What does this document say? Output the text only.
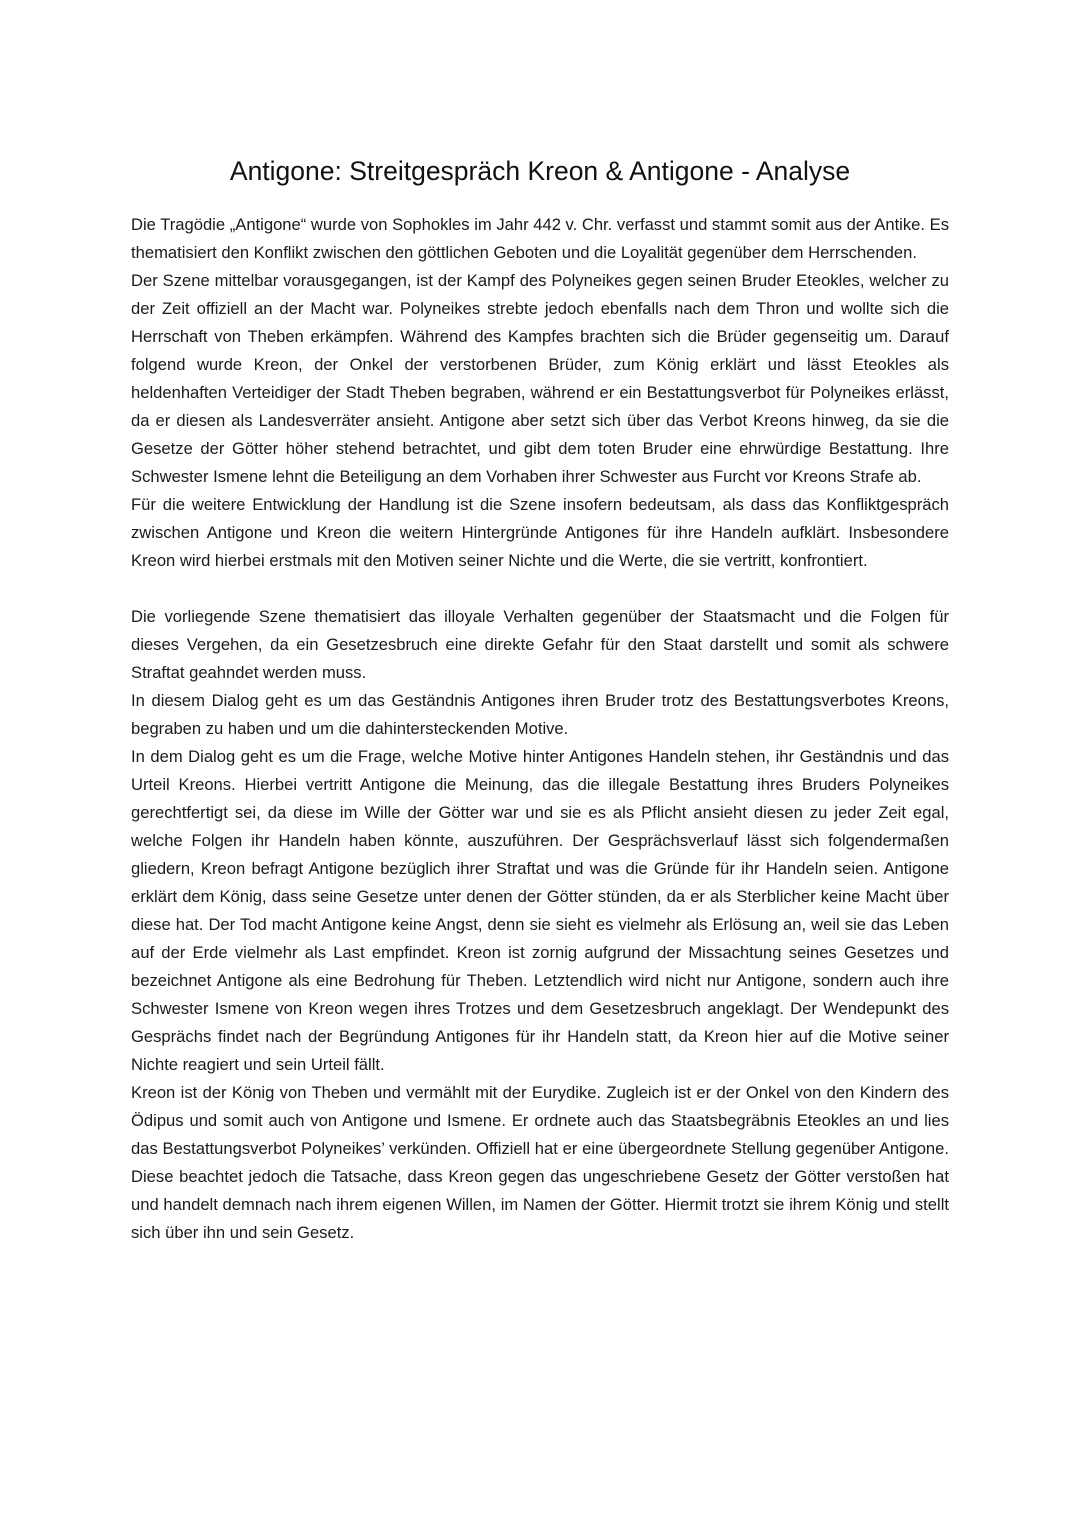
Antigone: Streitgespräch Kreon & Antigone - Analyse

Die Tragödie „Antigone“ wurde von Sophokles im Jahr 442 v. Chr. verfasst und stammt somit aus der Antike. Es thematisiert den Konflikt zwischen den göttlichen Geboten und die Loyalität gegenüber dem Herrschenden.

Der Szene mittelbar vorausgegangen, ist der Kampf des Polyneikes gegen seinen Bruder Eteokles, welcher zu der Zeit offiziell an der Macht war. Polyneikes strebte jedoch ebenfalls nach dem Thron und wollte sich die Herrschaft von Theben erkämpfen. Während des Kampfes brachten sich die Brüder gegenseitig um. Darauf folgend wurde Kreon, der Onkel der verstorbenen Brüder, zum König erklärt und lässt Eteokles als heldenhaften Verteidiger der Stadt Theben begraben, während er ein Bestattungsverbot für Polyneikes erlässt, da er diesen als Landesverräter ansieht. Antigone aber setzt sich über das Verbot Kreons hinweg, da sie die Gesetze der Götter höher stehend betrachtet, und gibt dem toten Bruder eine ehrwürdige Bestattung. Ihre Schwester Ismene lehnt die Beteiligung an dem Vorhaben ihrer Schwester aus Furcht vor Kreons Strafe ab.

Für die weitere Entwicklung der Handlung ist die Szene insofern bedeutsam, als dass das Konfliktgespräch zwischen Antigone und Kreon die weitern Hintergründe Antigones für ihre Handeln aufklärt. Insbesondere Kreon wird hierbei erstmals mit den Motiven seiner Nichte und die Werte, die sie vertritt, konfrontiert.

Die vorliegende Szene thematisiert das illoyale Verhalten gegenüber der Staatsmacht und die Folgen für dieses Vergehen, da ein Gesetzesbruch eine direkte Gefahr für den Staat darstellt und somit als schwere Straftat geahndet werden muss.

In diesem Dialog geht es um das Geständnis Antigones ihren Bruder trotz des Bestattungsverbotes Kreons, begraben zu haben und um die dahintersteckenden Motive.

In dem Dialog geht es um die Frage, welche Motive hinter Antigones Handeln stehen, ihr Geständnis und das Urteil Kreons. Hierbei vertritt Antigone die Meinung, das die illegale Bestattung ihres Bruders Polyneikes gerechtfertigt sei, da diese im Wille der Götter war und sie es als Pflicht ansieht diesen zu jeder Zeit egal, welche Folgen ihr Handeln haben könnte, auszuführen. Der Gesprächsverlauf lässt sich folgendermaßen gliedern, Kreon befragt Antigone bezüglich ihrer Straftat und was die Gründe für ihr Handeln seien. Antigone erklärt dem König, dass seine Gesetze unter denen der Götter stünden, da er als Sterblicher keine Macht über diese hat. Der Tod macht Antigone keine Angst, denn sie sieht es vielmehr als Erlösung an, weil sie das Leben auf der Erde vielmehr als Last empfindet. Kreon ist zornig aufgrund der Missachtung seines Gesetzes und bezeichnet Antigone als eine Bedrohung für Theben. Letztendlich wird nicht nur Antigone, sondern auch ihre Schwester Ismene von Kreon wegen ihres Trotzes und dem Gesetzesbruch angeklagt. Der Wendepunkt des Gesprächs findet nach der Begründung Antigones für ihr Handeln statt, da Kreon hier auf die Motive seiner Nichte reagiert und sein Urteil fällt.

Kreon ist der König von Theben und vermählt mit der Eurydike. Zugleich ist er der Onkel von den Kindern des Ödipus und somit auch von Antigone und Ismene. Er ordnete auch das Staatsbegräbnis Eteokles an und lies das Bestattungsverbot Polyneikes’ verkünden. Offiziell hat er eine übergeordnete Stellung gegenüber Antigone. Diese beachtet jedoch die Tatsache, dass Kreon gegen das ungeschriebene Gesetz der Götter verstoßen hat und handelt demnach nach ihrem eigenen Willen, im Namen der Götter. Hiermit trotzt sie ihrem König und stellt sich über ihn und sein Gesetz.
